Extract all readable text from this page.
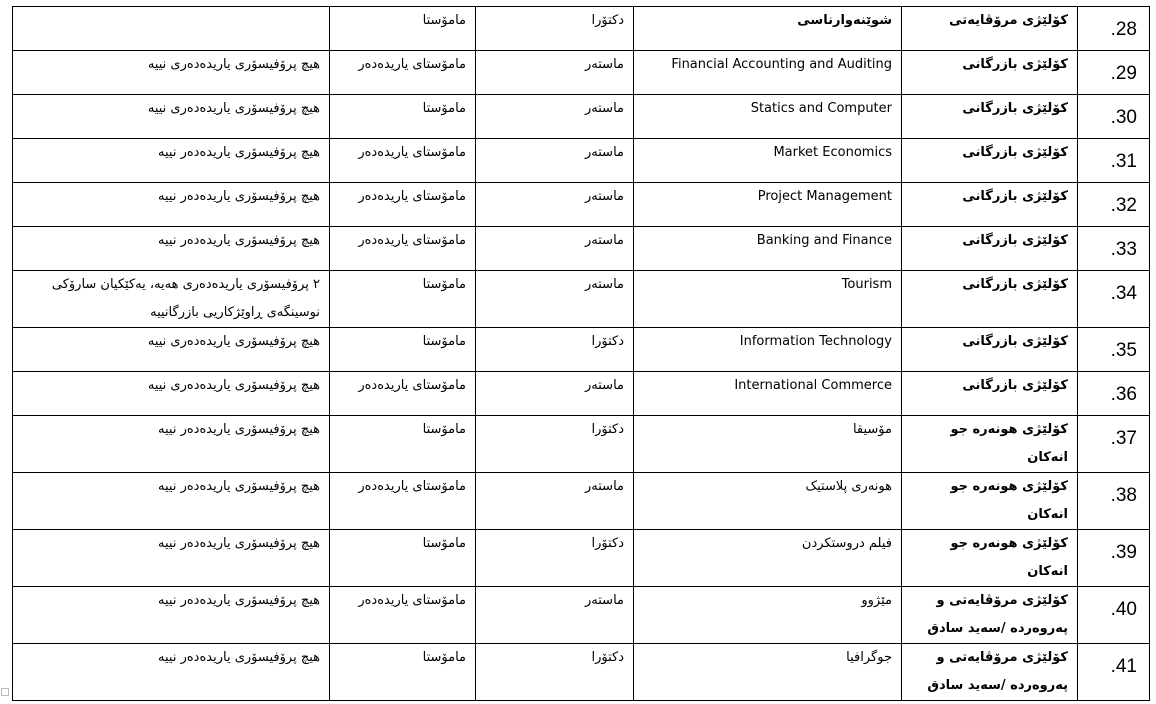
	مامۆستا	دکتۆرا	شوێنەوارناسی	کۆلێژی مرۆڤایەتی	.28
هیچ پرۆفیسۆری یاریدەدەری نییە	مامۆستای یاریدەدەر	ماستەر	Financial Accounting and Auditing	کۆلێژی بازرگانی	.29
هیچ پرۆفیسۆری یاریدەدەری نییە	مامۆستا	ماستەر	Statics and Computer	کۆلێژی بازرگانی	.30
هیچ پرۆفیسۆری یاریدەدەر نییە	مامۆستای یاریدەدەر	ماستەر	Market Economics	کۆلێژی بازرگانی	.31
هیچ پرۆفیسۆری یاریدەدەر نییە	مامۆستای یاریدەدەر	ماستەر	Project Management	کۆلێژی بازرگانی	.32
هیچ پرۆفیسۆری یاریدەدەر نییە	مامۆستای یاریدەدەر	ماستەر	Banking and Finance	کۆلێژی بازرگانی	.33
٢ پرۆفیسۆری یاریدەدەری هەیە، یەکێکیان سارۆکی نوسینگەی ڕاوێژکاریی بازرگانییە	مامۆستا	ماستەر	Tourism	کۆلێژی بازرگانی	.34
هیچ پرۆفیسۆری یاریدەدەری نییە	مامۆستا	دکتۆرا	Information Technology	کۆلێژی بازرگانی	.35
هیچ پرۆفیسۆری یاریدەدەری نییە	مامۆستای یاریدەدەر	ماستەر	International Commerce	کۆلێژی بازرگانی	.36
هیچ پرۆفیسۆری یاریدەدەر نییە	مامۆستا	دکتۆرا	مۆسیقا	کۆلێژی هونەرە جو انەکان	.37
هیچ پرۆفیسۆری یاریدەدەر نییە	مامۆستای یاریدەدەر	ماستەر	هونەری پلاستیک	کۆلێژی هونەرە جو انەکان	.38
هیچ پرۆفیسۆری یاریدەدەر نییە	مامۆستا	دکتۆرا	فیلم دروستکردن	کۆلێژی هونەرە جو انەکان	.39
هیچ پرۆفیسۆری یاریدەدەر نییە	مامۆستای یاریدەدەر	ماستەر	مێژوو	کۆلێژی مرۆڤایەتی و پەروەردە /سەید سادق	.40
هیچ پرۆفیسۆری یاریدەدەر نییە	مامۆستا	دکتۆرا	جوگرافیا	کۆلێژی مرۆڤایەتی و پەروەردە /سەید سادق	.41
